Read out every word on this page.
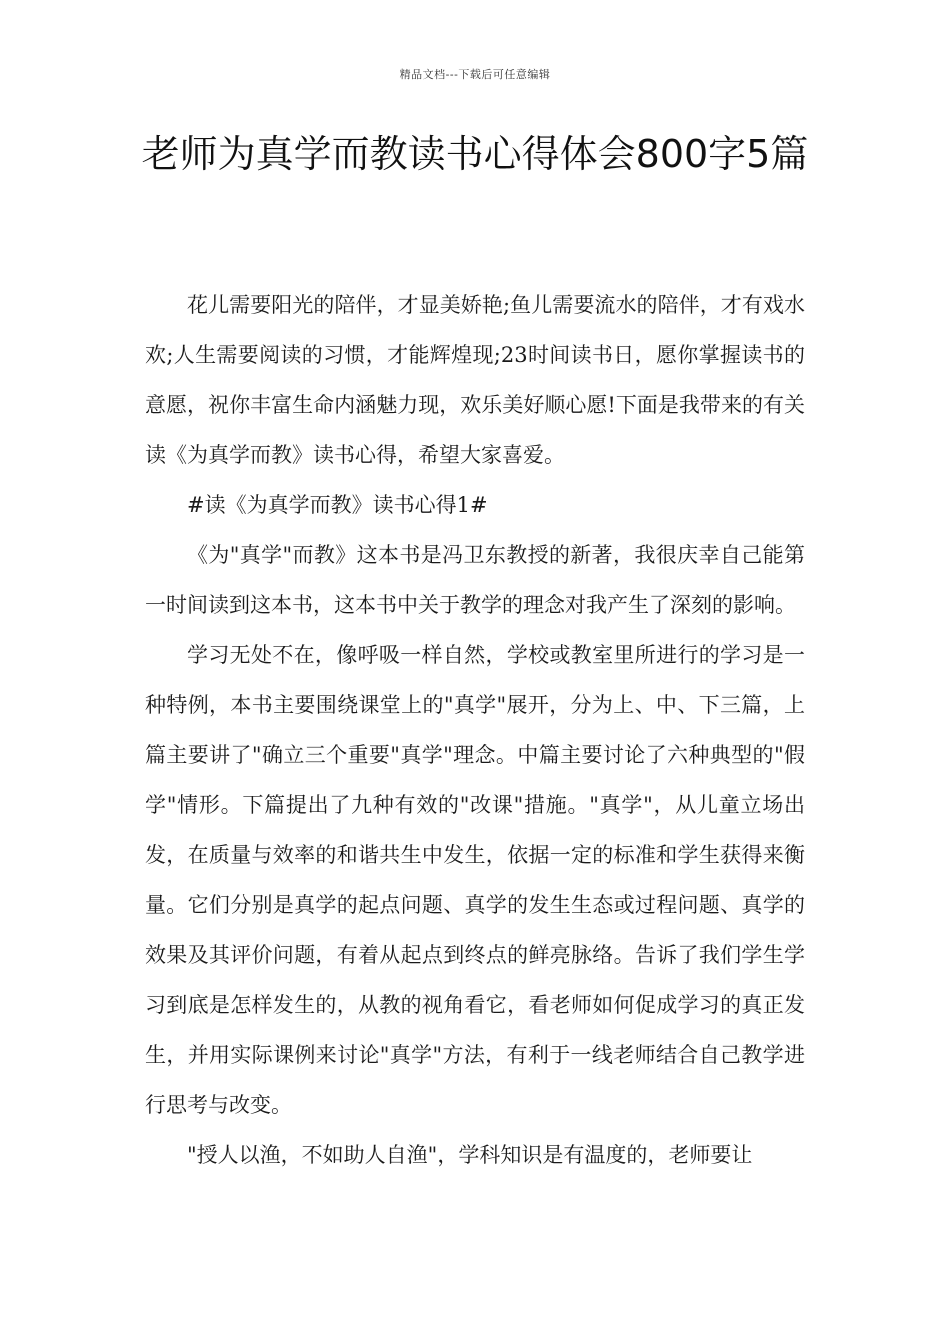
精品文档---下载后可任意编辑
老师为真学而教读书心得体会800字5篇

花儿需要阳光的陪伴，才显美娇艳;鱼儿需要流水的陪伴，才有戏水欢;人生需要阅读的习惯，才能辉煌现;23时间读书日，愿你掌握读书的意愿，祝你丰富生命内涵魅力现，欢乐美好顺心愿!下面是我带来的有关读《为真学而教》读书心得，希望大家喜爱。

#读《为真学而教》读书心得1#

《为"真学"而教》这本书是冯卫东教授的新著，我很庆幸自己能第一时间读到这本书，这本书中关于教学的理念对我产生了深刻的影响。

学习无处不在，像呼吸一样自然，学校或教室里所进行的学习是一种特例，本书主要围绕课堂上的"真学"展开，分为上、中、下三篇，上篇主要讲了"确立三个重要"真学"理念。中篇主要讨论了六种典型的"假学"情形。下篇提出了九种有效的"改课"措施。"真学"，从儿童立场出发，在质量与效率的和谐共生中发生，依据一定的标准和学生获得来衡量。它们分别是真学的起点问题、真学的发生生态或过程问题、真学的效果及其评价问题，有着从起点到终点的鲜亮脉络。告诉了我们学生学习到底是怎样发生的，从教的视角看它，看老师如何促成学习的真正发生，并用实际课例来讨论"真学"方法，有利于一线老师结合自己教学进行思考与改变。

"授人以渔，不如助人自渔"，学科知识是有温度的，老师要让
